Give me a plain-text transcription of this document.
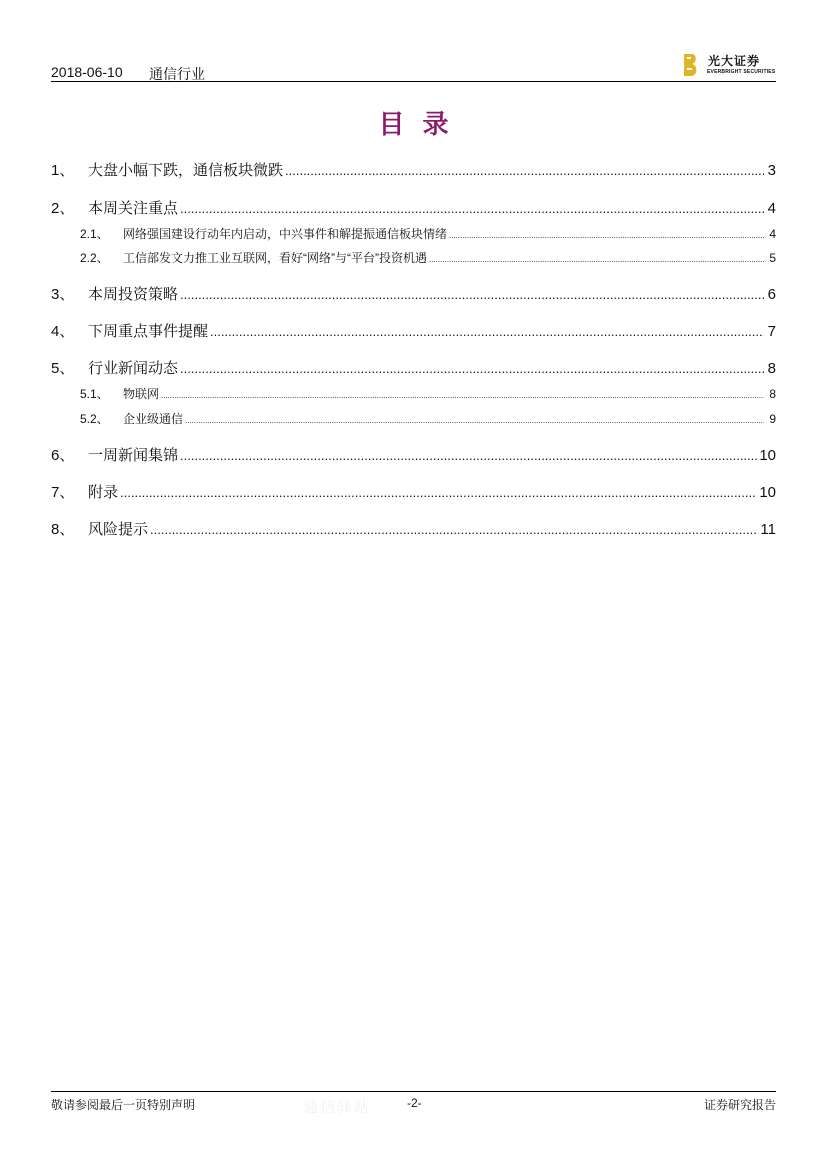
2018-06-10 通信行业
光大证券
EVERBRIGHT SECURITIES
目录
1、 大盘小幅下跌，通信板块微跌 .....	3
2、 本周关注重点 .....	4
2.1、	网络强国建设行动年内启动，中兴事件和解提振通信板块情绪 .....	4
2.2、	工信部发文力推工业互联网，看好“网络”与“平台”投资机遇 .....	5
3、 本周投资策略 .....	6
4、 下周重点事件提醒 .....	7
5、 行业新闻动态 .....	8
5.1、	物联网 .....	8
5.2、	企业级通信 .....	9
6、 一周新闻集锦 .....	10
7、 附录 .....	10
8、 风险提示 .....	11
敬请参阅最后一页特别声明	通信驿站	-2-	证券研究报告
